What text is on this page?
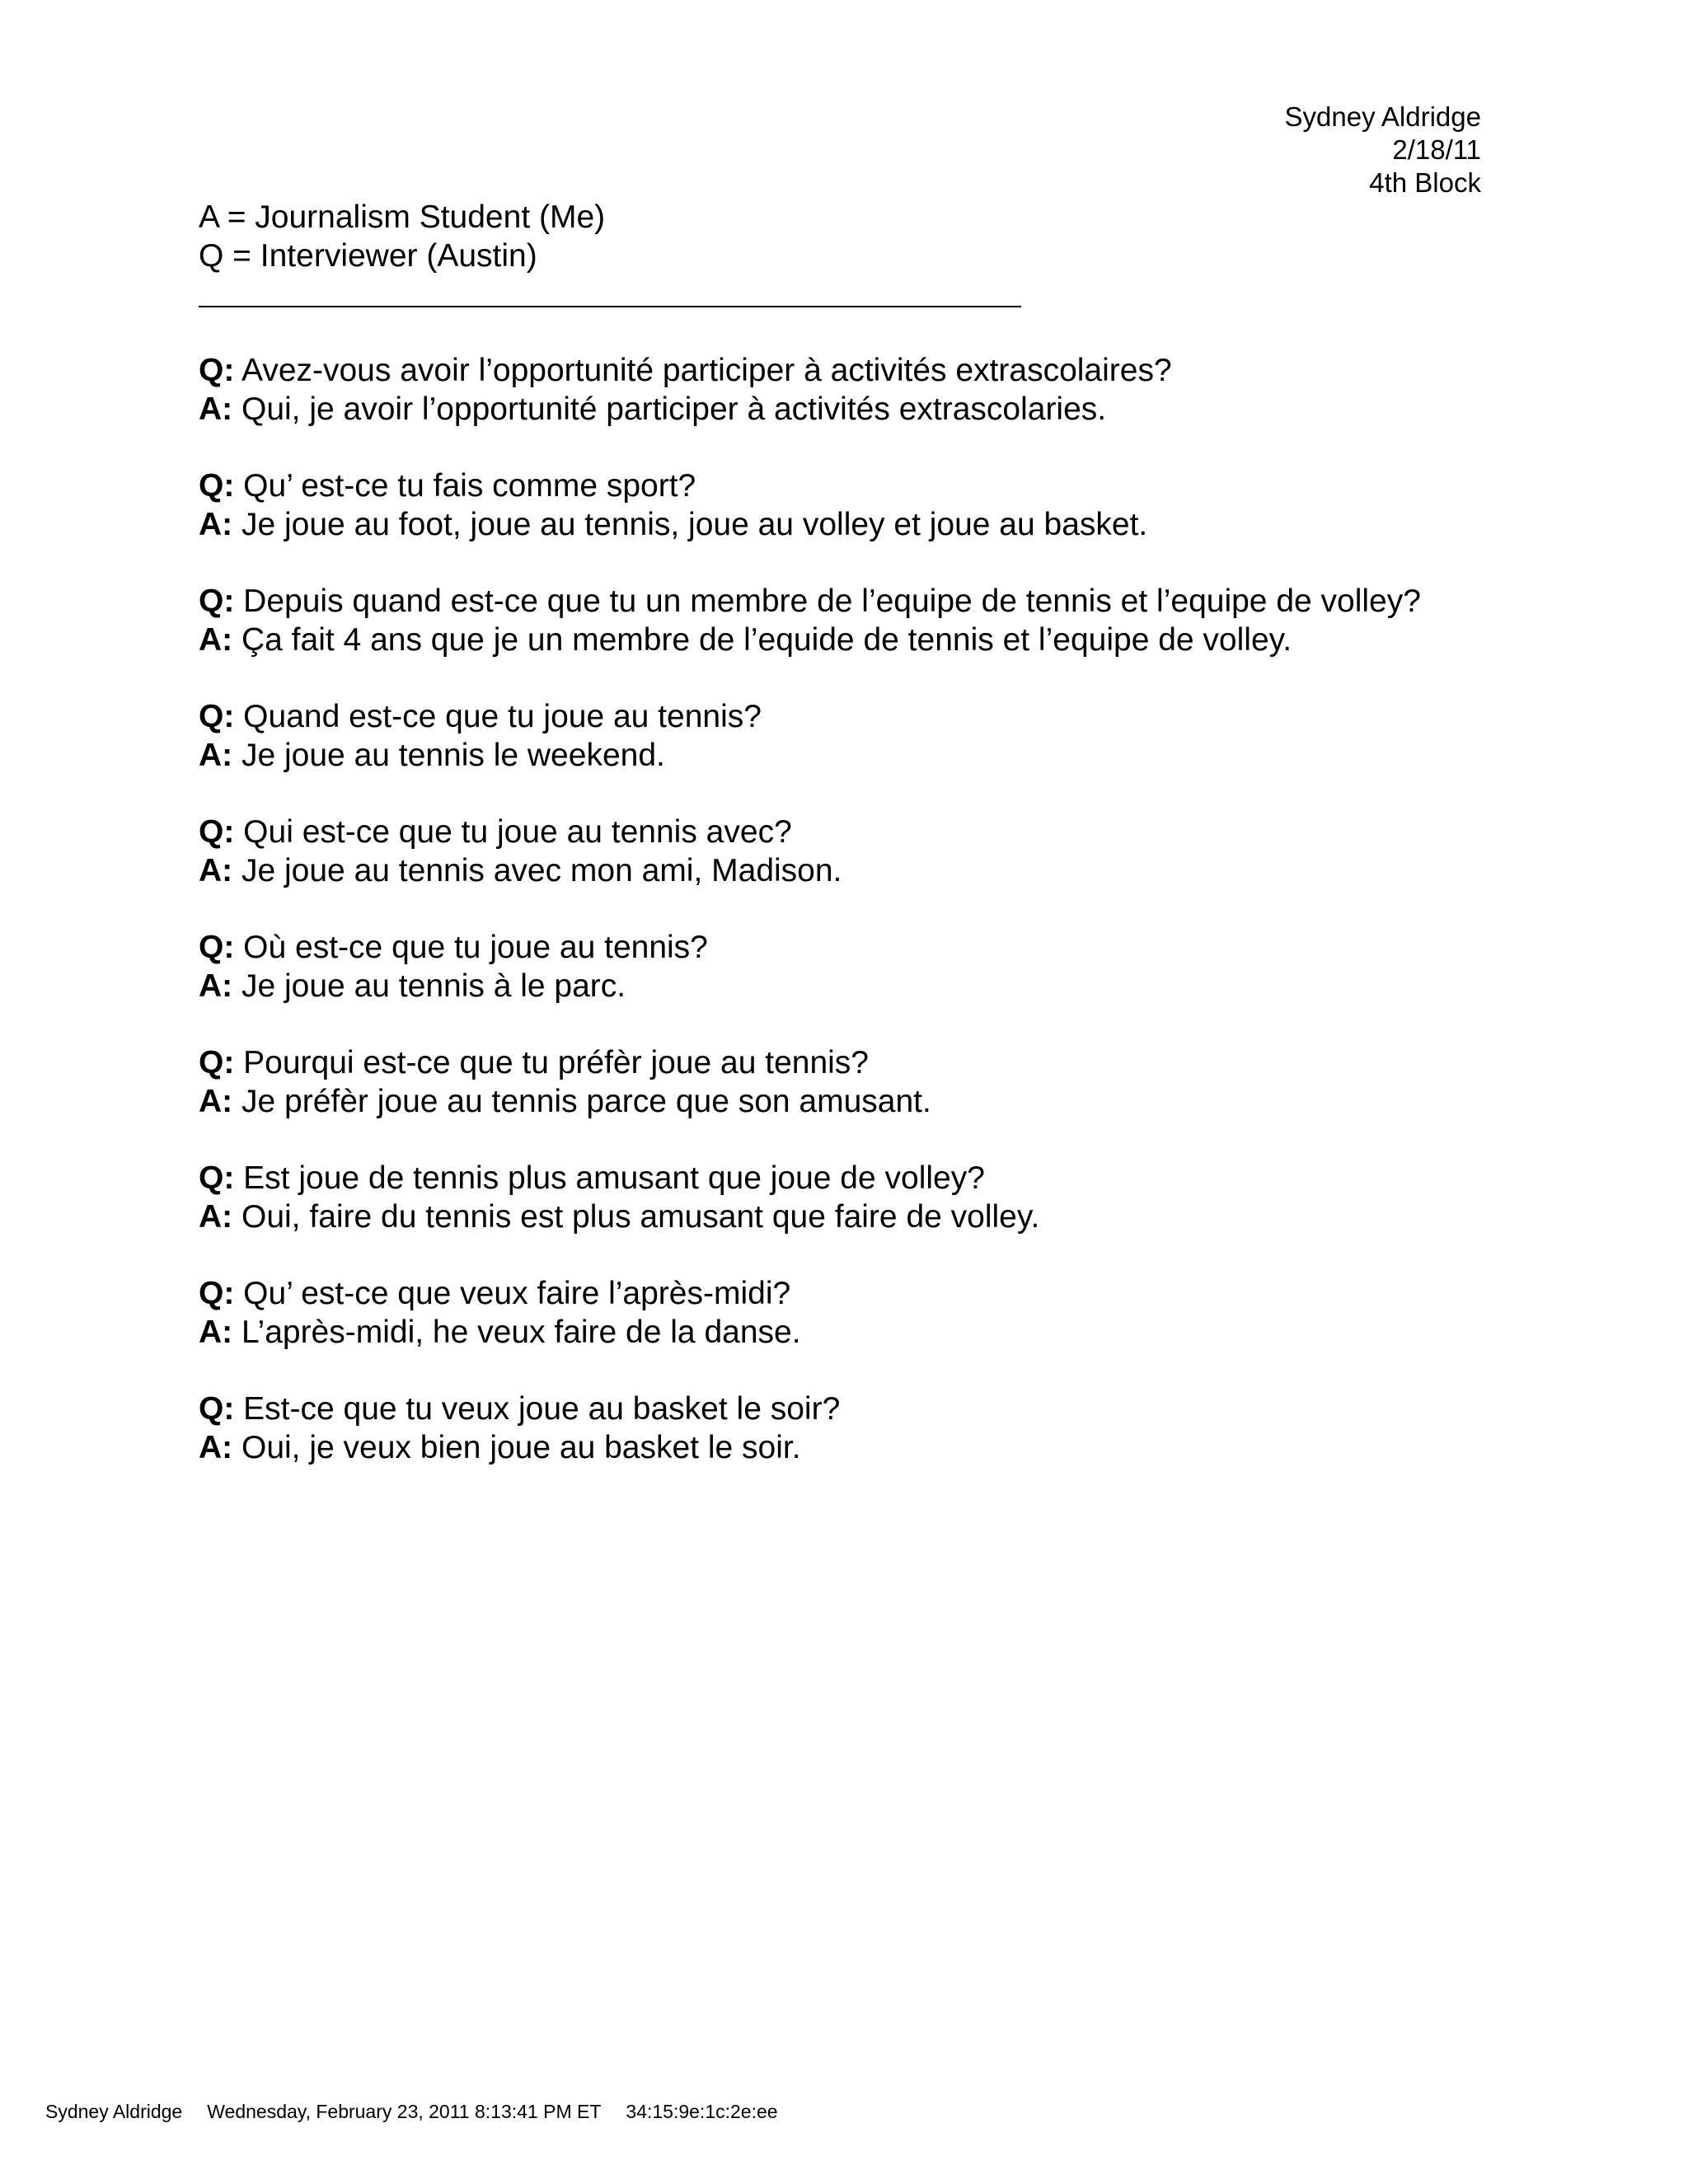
Sydney Aldridge
2/18/11
4th Block
A = Journalism Student (Me)
Q = Interviewer (Austin)
Q: Avez-vous avoir l’opportunité participer à activités extrascolaires?
A: Qui, je avoir l’opportunité participer à activités extrascolaries.
Q: Qu’ est-ce tu fais comme sport?
A: Je joue au foot, joue au tennis, joue au volley et joue au basket.
Q: Depuis quand est-ce que tu un membre de l’equipe de tennis et l’equipe de volley?
A: Ça fait 4 ans que je un membre de l’equide de tennis et l’equipe de volley.
Q: Quand est-ce que tu joue au tennis?
A: Je joue au tennis le weekend.
Q: Qui est-ce que tu joue au tennis avec?
A: Je joue au tennis avec mon ami, Madison.
Q: Où est-ce que tu joue au tennis?
A: Je joue au tennis à le parc.
Q: Pourqui est-ce que tu préfèr joue au tennis?
A: Je préfèr joue au tennis parce que son amusant.
Q: Est joue de tennis plus amusant que joue de volley?
A: Oui, faire du tennis est plus amusant que faire de volley.
Q: Qu’ est-ce que veux faire l’après-midi?
A: L’après-midi, he veux faire de la danse.
Q: Est-ce que tu veux joue au basket le soir?
A: Oui, je veux bien joue au basket le soir.
Sydney Aldridge Wednesday, February 23, 2011 8:13:41 PM ET 34:15:9e:1c:2e:ee
